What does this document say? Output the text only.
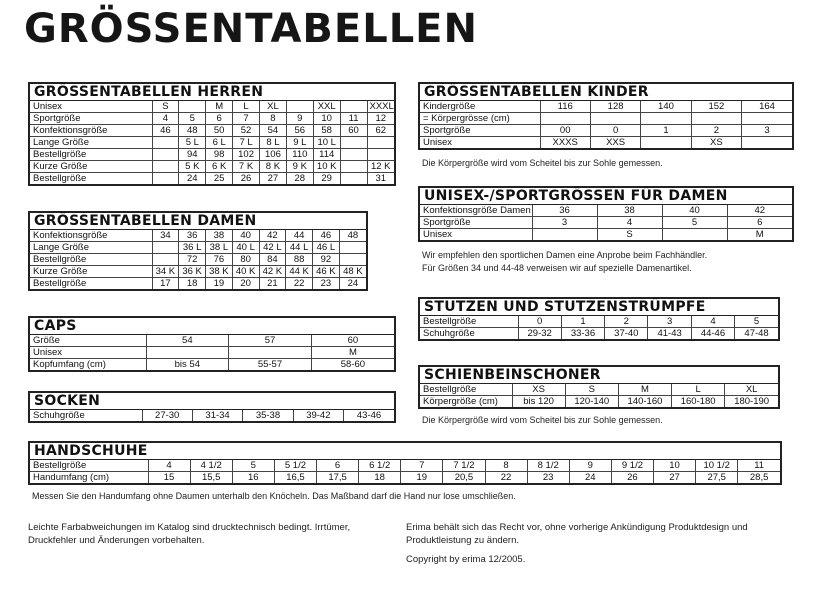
GRÖSSENTABELLEN
GRÖSSENTABELLEN HERREN
Unisex	S		M	L	XL		XXL		XXXL
Sportgröße	4	5	6	7	8	9	10	11	12
Konfektionsgröße	46	48	50	52	54	56	58	60	62
Lange Größe		5 L	6 L	7 L	8 L	9 L	10 L		
Bestellgröße		94	98	102	106	110	114		
Kurze Größe		5 K	6 K	7 K	8 K	9 K	10 K		12 K
Bestellgröße		24	25	26	27	28	29		31
GRÖSSENTABELLEN DAMEN
Konfektionsgröße	34	36	38	40	42	44	46	48
Lange Größe		36 L	38 L	40 L	42 L	44 L	46 L	
Bestellgröße		72	76	80	84	88	92	
Kurze Größe	34 K	36 K	38 K	40 K	42 K	44 K	46 K	48 K
Bestellgröße	17	18	19	20	21	22	23	24
CAPS
Größe	54	57	60
Unisex			M
Kopfumfang (cm)	bis 54	55-57	58-60
SOCKEN
Schuhgröße	27-30	31-34	35-38	39-42	43-46
GRÖSSENTABELLEN KINDER
Kindergröße	116	128	140	152	164
= Körpergrösse (cm)					
Sportgröße	00	0	1	2	3
Unisex	XXXS	XXS		XS	
Die Körpergröße wird vom Scheitel bis zur Sohle gemessen.
UNISEX-/SPORTGRÖSSEN FÜR DAMEN
Konfektionsgröße Damen	36	38	40	42
Sportgröße	3	4	5	6
Unisex		S		M
Wir empfehlen den sportlichen Damen eine Anprobe beim Fachhändler.
Für Größen 34 und 44-48 verweisen wir auf spezielle Damenartikel.
STUTZEN UND STUTZENSTRÜMPFE
Bestellgröße	0	1	2	3	4	5
Schuhgröße	29-32	33-36	37-40	41-43	44-46	47-48
SCHIENBEINSCHONER
Bestellgröße	XS	S	M	L	XL
Körpergröße (cm)	bis 120	120-140	140-160	160-180	180-190
Die Körpergröße wird vom Scheitel bis zur Sohle gemessen.
HANDSCHUHE
Bestellgröße	4	4 1/2	5	5 1/2	6	6 1/2	7	7 1/2	8	8 1/2	9	9 1/2	10	10 1/2	11
Handumfang (cm)	15	15,5	16	16,5	17,5	18	19	20,5	22	23	24	26	27	27,5	28,5
Messen Sie den Handumfang ohne Daumen unterhalb den Knöcheln. Das Maßband darf die Hand nur lose umschließen.
Leichte Farbabweichungen im Katalog sind drucktechnisch bedingt. Irrtümer, Druckfehler und Änderungen vorbehalten.
Erima behält sich das Recht vor, ohne vorherige Ankündigung Produktdesign und Produktleistung zu ändern.
Copyright by erima 12/2005.
